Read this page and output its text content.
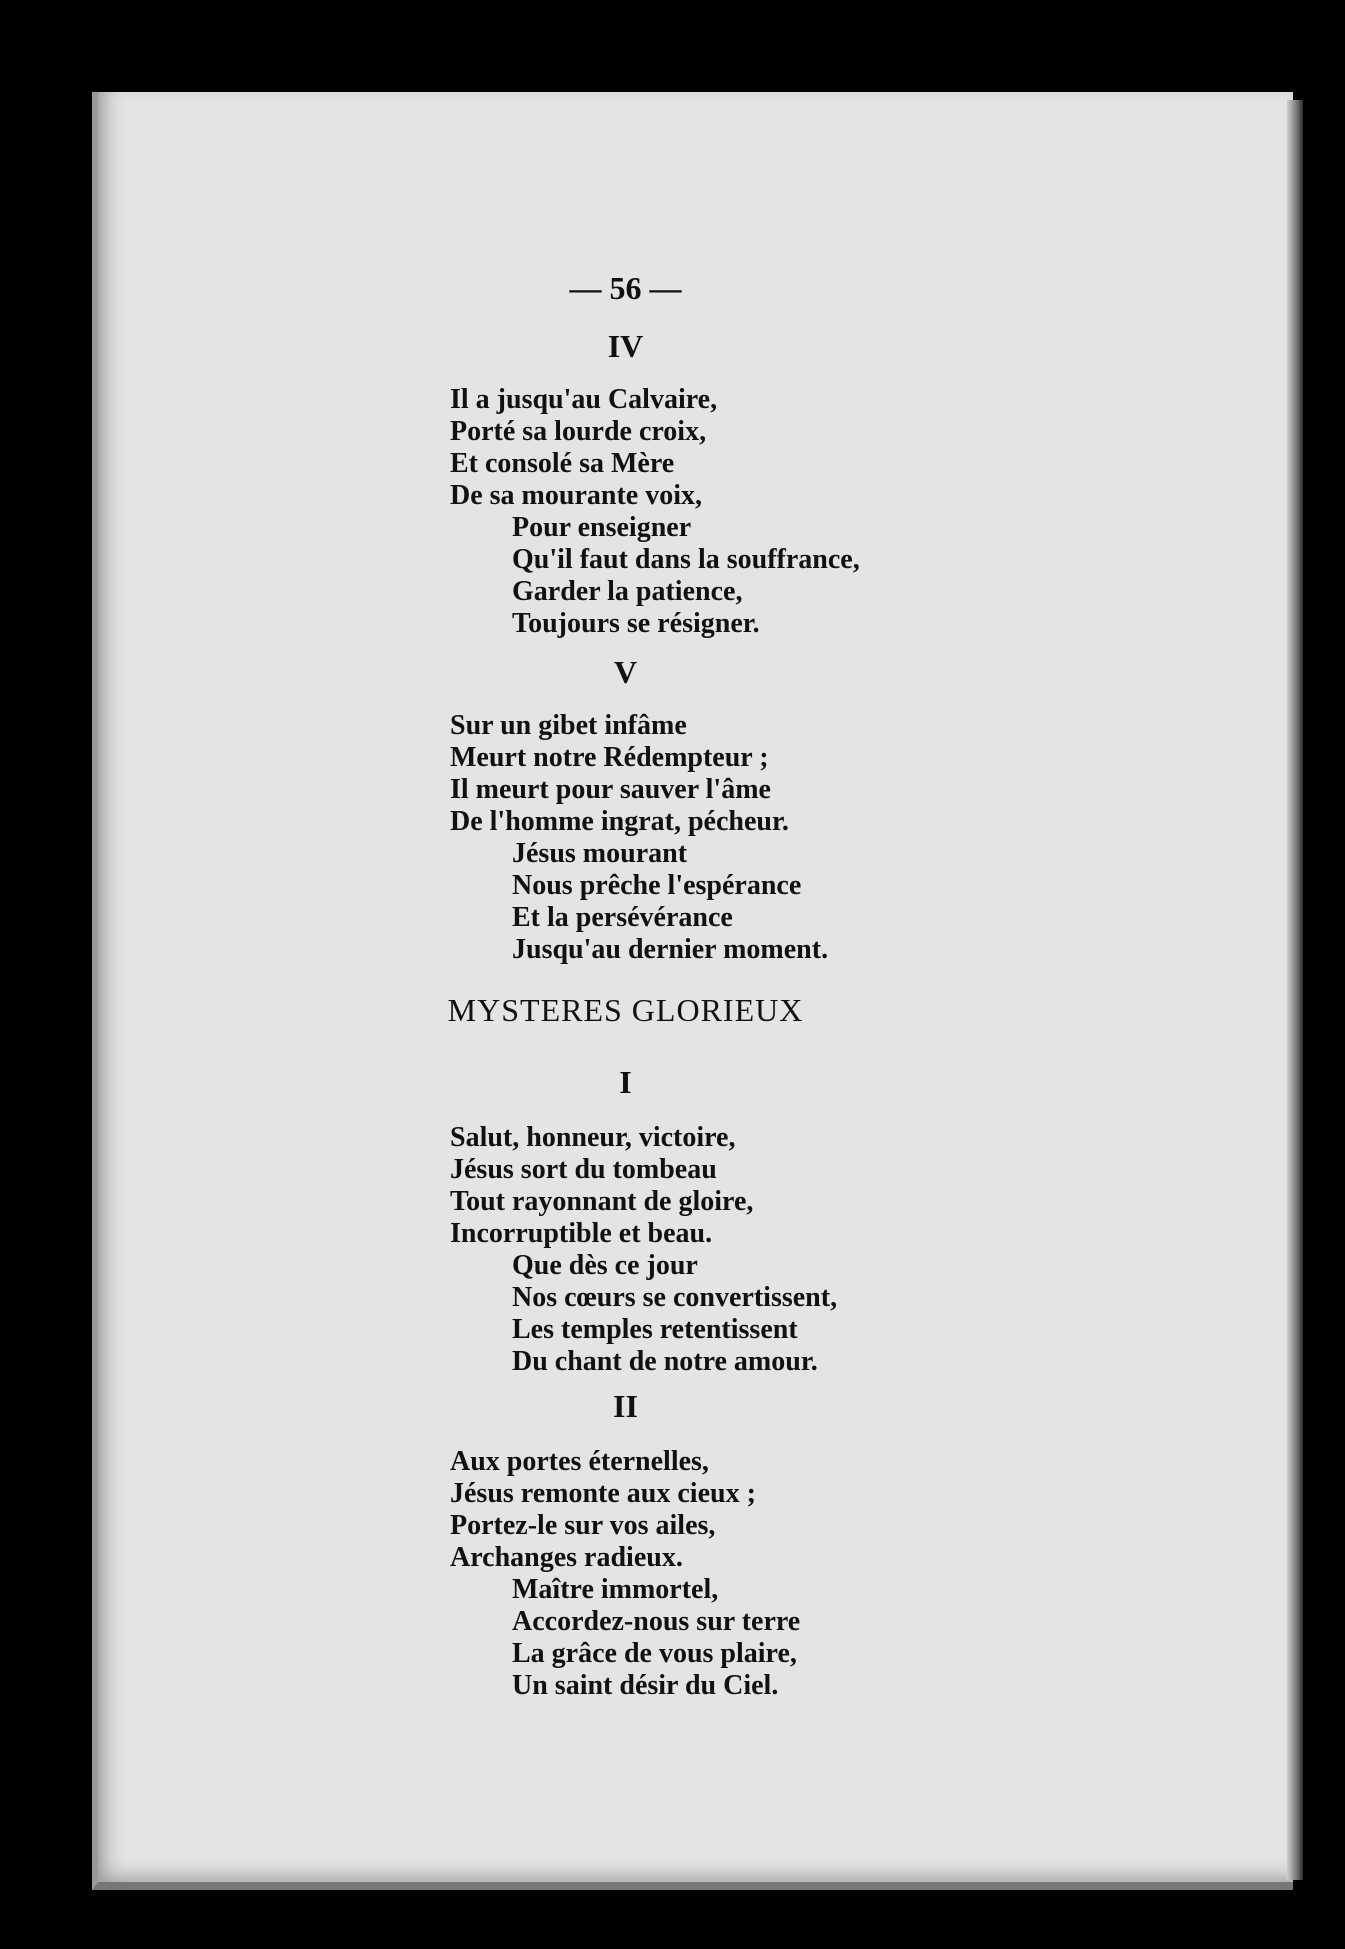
— 56 —
IV
Il a jusqu'au Calvaire,
Porté sa lourde croix,
Et consolé sa Mère
De sa mourante voix,
Pour enseigner
Qu'il faut dans la souffrance,
Garder la patience,
Toujours se résigner.
V
Sur un gibet infâme
Meurt notre Rédempteur ;
Il meurt pour sauver l'âme
De l'homme ingrat, pécheur.
Jésus mourant
Nous prêche l'espérance
Et la persévérance
Jusqu'au dernier moment.
MYSTERES GLORIEUX
I
Salut, honneur, victoire,
Jésus sort du tombeau
Tout rayonnant de gloire,
Incorruptible et beau.
Que dès ce jour
Nos cœurs se convertissent,
Les temples retentissent
Du chant de notre amour.
II
Aux portes éternelles,
Jésus remonte aux cieux ;
Portez-le sur vos ailes,
Archanges radieux.
Maître immortel,
Accordez-nous sur terre
La grâce de vous plaire,
Un saint désir du Ciel.
